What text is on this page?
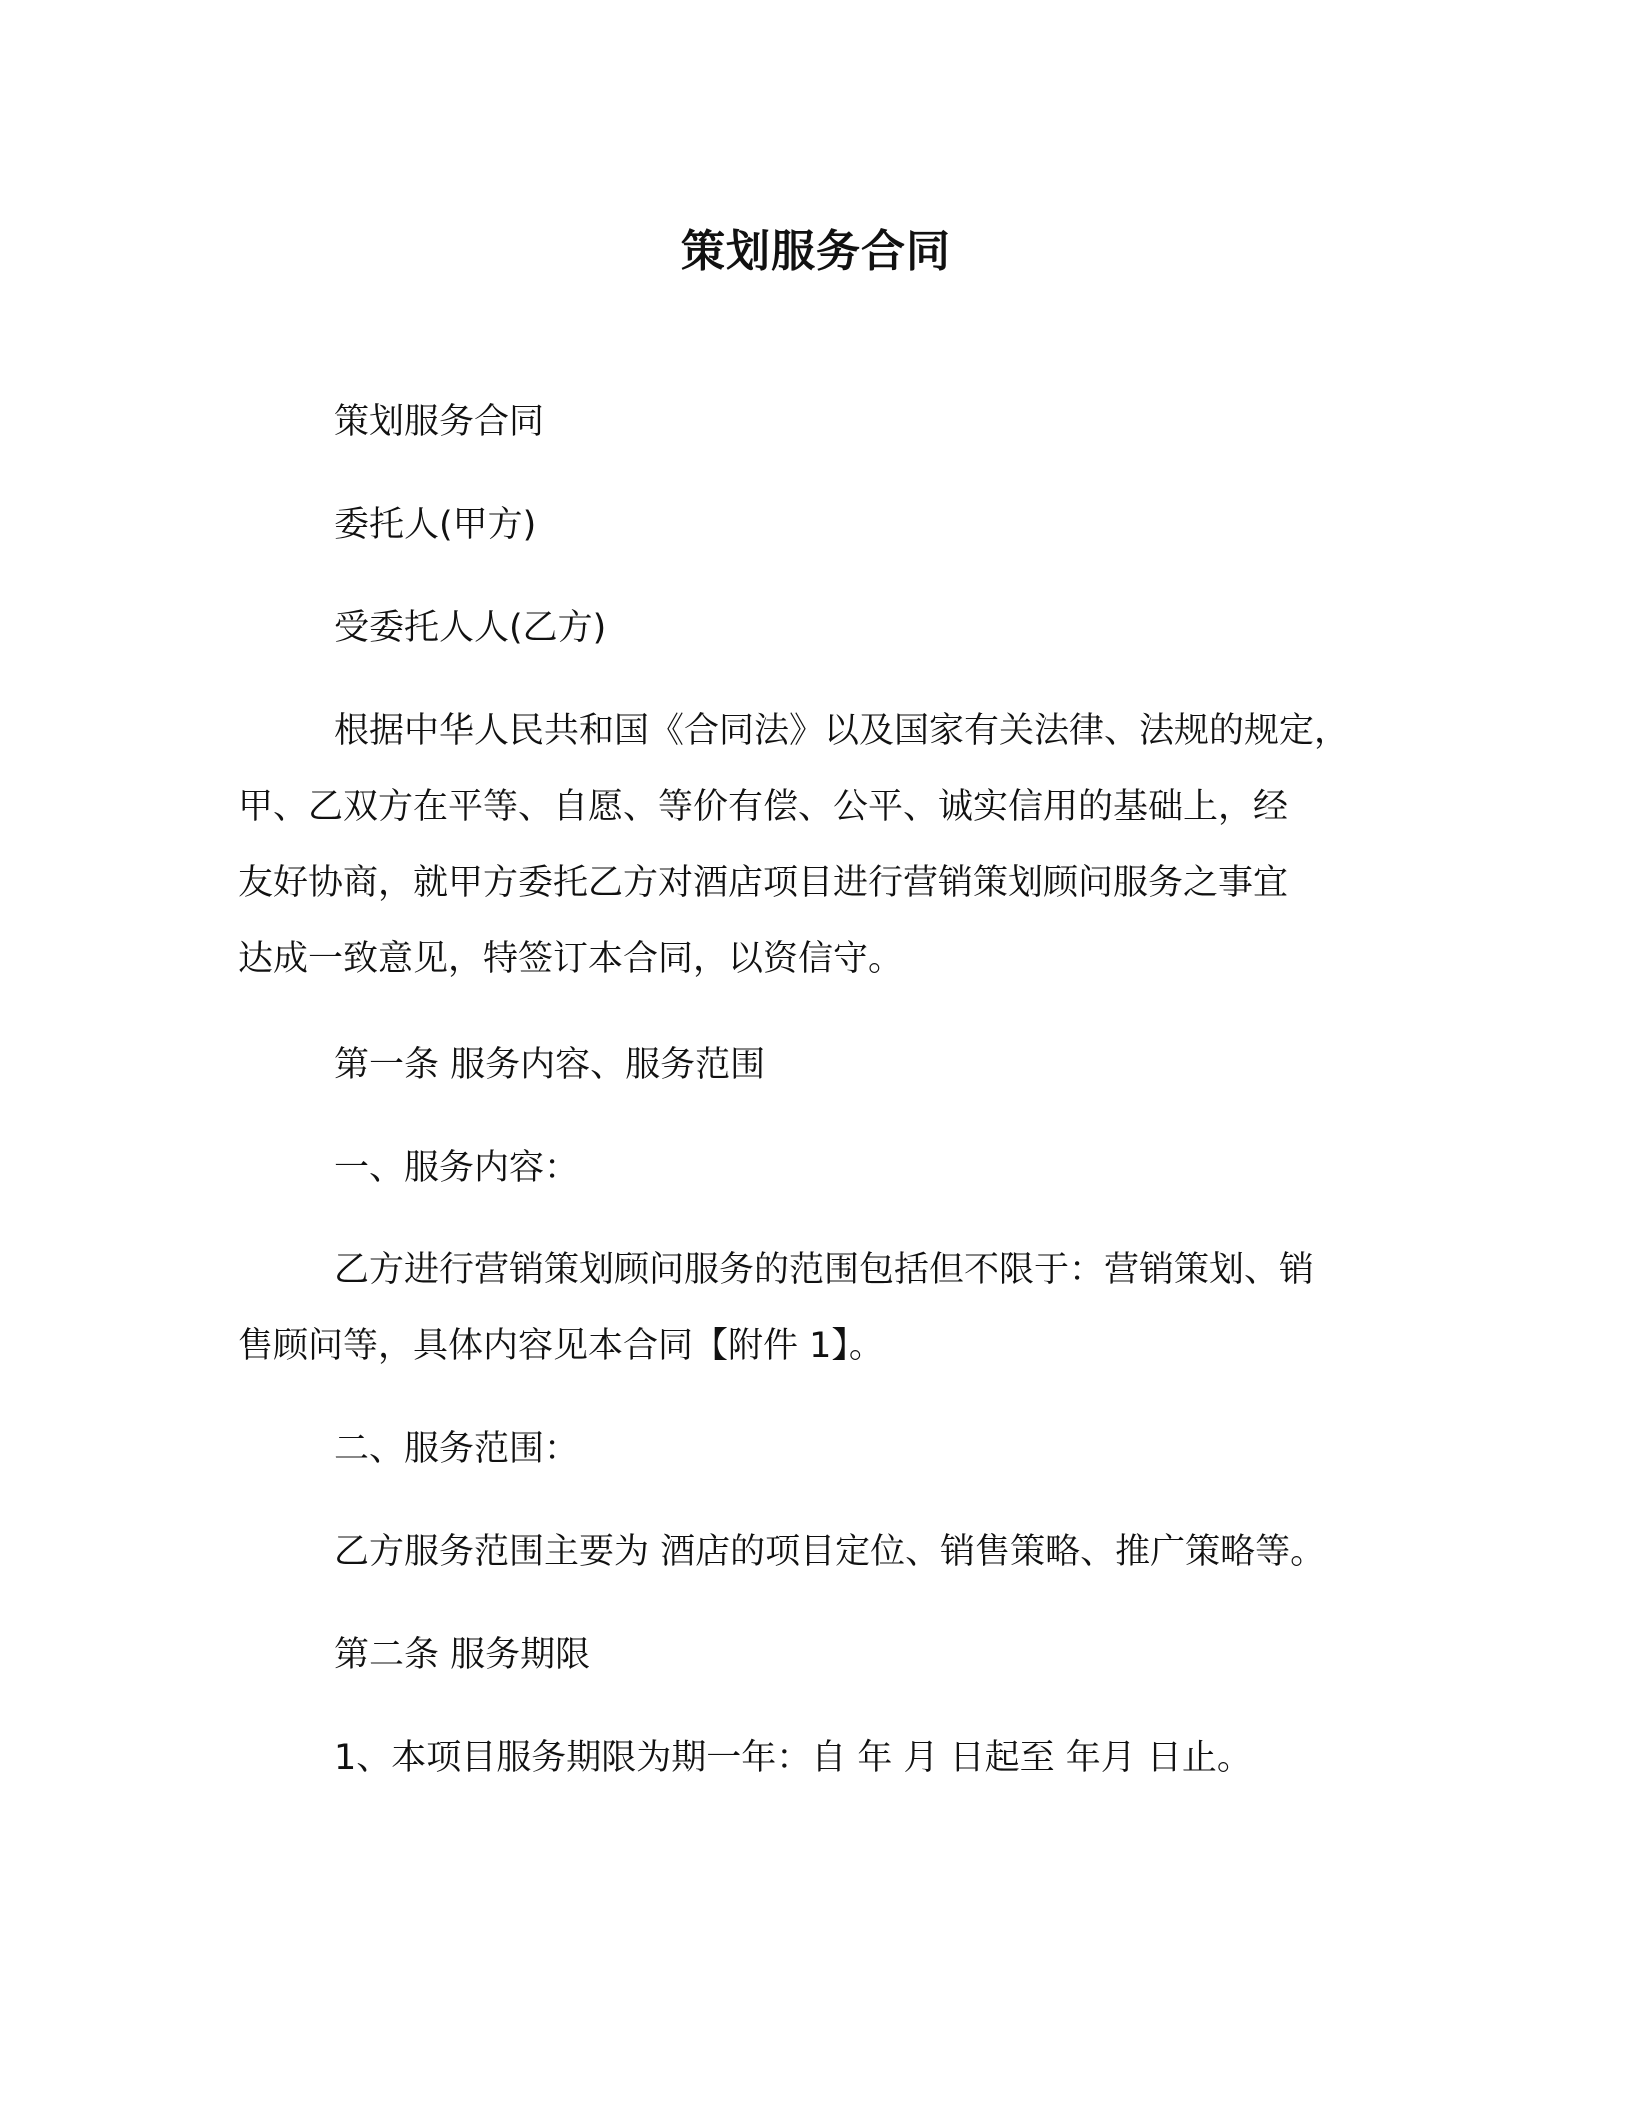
策划服务合同
策划服务合同
委托人(甲方)
受委托人人(乙方)
根据中华人民共和国《合同法》以及国家有关法律、法规的规定，
甲、乙双方在平等、自愿、等价有偿、公平、诚实信用的基础上，经
友好协商，就甲方委托乙方对酒店项目进行营销策划顾问服务之事宜
达成一致意见，特签订本合同，以资信守。
第一条 服务内容、服务范围
一、服务内容：
乙方进行营销策划顾问服务的范围包括但不限于：营销策划、销
售顾问等，具体内容见本合同【附件 1】。
二、服务范围：
乙方服务范围主要为 酒店的项目定位、销售策略、推广策略等。
第二条 服务期限
1、本项目服务期限为期一年：自 年 月 日起至 年月 日止。
